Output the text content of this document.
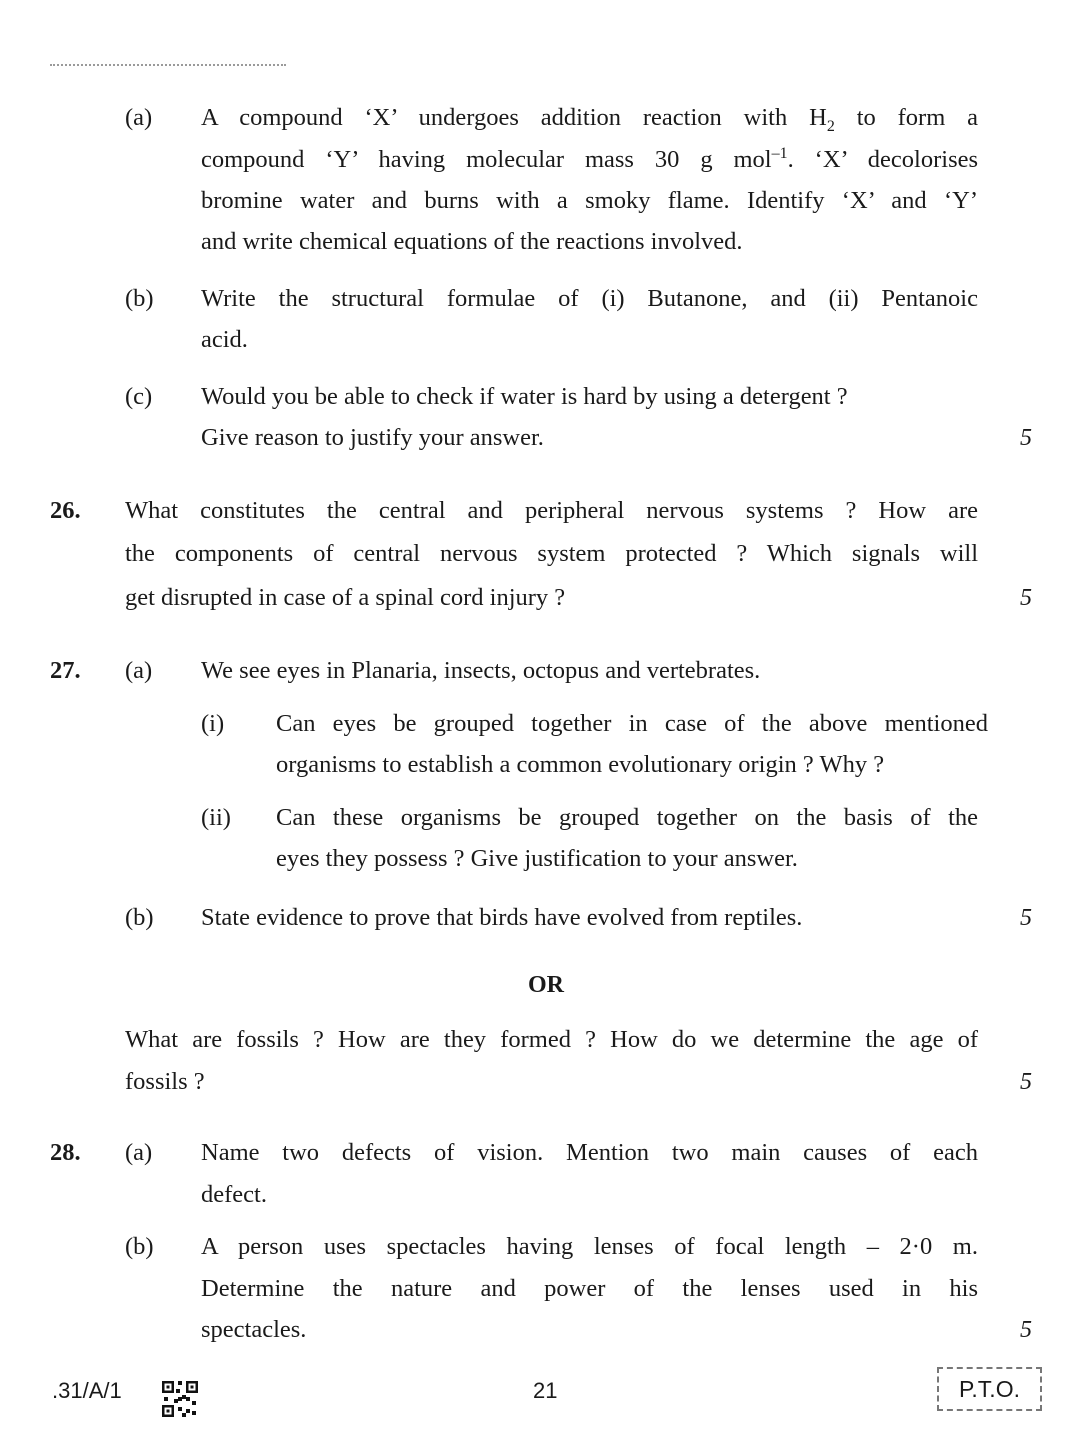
(a) A compound ‘X’ undergoes addition reaction with $H_2$ to form a
compound ‘Y’ having molecular mass 30 g mol$^{-1}$. ‘X’ decolorises
bromine water and burns with a smoky flame. Identify ‘X’ and ‘Y’
and write chemical equations of the reactions involved.
(b) Write the structural formulae of (i) Butanone, and (ii) Pentanoic
acid.
(c) Would you be able to check if water is hard by using a detergent ?
Give reason to justify your answer.	5
26. What constitutes the central and peripheral nervous systems ? How are
the components of central nervous system protected ? Which signals will
get disrupted in case of a spinal cord injury ?	5
27. (a) We see eyes in Planaria, insects, octopus and vertebrates.
(i) Can eyes be grouped together in case of the above mentioned
organisms to establish a common evolutionary origin ? Why ?
(ii) Can these organisms be grouped together on the basis of the
eyes they possess ? Give justification to your answer.
(b) State evidence to prove that birds have evolved from reptiles.	5
OR
What are fossils ? How are they formed ? How do we determine the age of
fossils ?	5
28. (a) Name two defects of vision. Mention two main causes of each
defect.
(b) A person uses spectacles having lenses of focal length – 2·0 m.
Determine the nature and power of the lenses used in his
spectacles.	5
.31/A/1	21	P.T.O.
